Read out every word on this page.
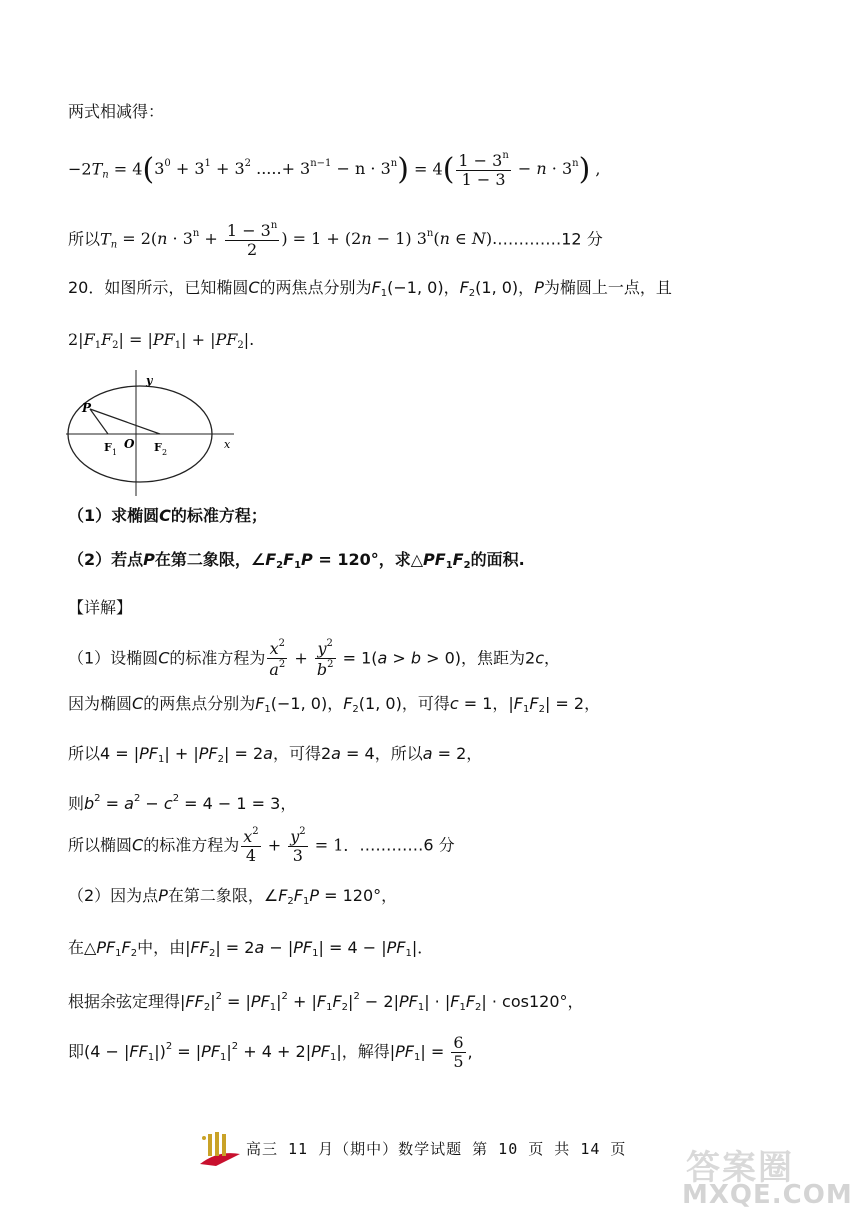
两式相减得：
$-2T_n = 4(3^0 + 3^1 + 3^2$ .....+ $3^{n-1} - n \cdot 3^n) = 4( \frac{1 - 3^n}{1 - 3} - n \cdot 3^n)$ ,
所以$T_n = 2(n \cdot 3^n + \frac{1 - 3^n}{2}$ ) = 1 + (2n − 1) 3$^n$(n ∈ N).…………12 分
20．如图所示，已知椭圆C的两焦点分别为$F_1(-1$, 0)，$F_2(1$, 0)，P为椭圆上一点，且
$2|F_1F_2| = |PF_1| + |PF_2|$.
y
x
P
F 1
O F 2
（1）求椭圆C的标准方程；
（2）若点P在第二象限，$\angle F_2F_1P = 120^\circ$，求$\triangle PF_1F_2$的面积.
【详解】
（1）设椭圆C的标准方程为 $\frac{x^2}{a^2} + \frac{y^2}{b^2} = 1(a > b > 0)$，焦距为2c，
因为椭圆C的两焦点分别为$F_1(-1$, 0)，$F_2(1$, 0)，可得c = 1，$|F_1F_2| = 2$，
所以$4 = |PF_1| + |PF_2| = 2a$，可得2a = 4，所以a = 2，
则$b^2 = a^2 - c^2 = 4 - 1 = 3$，
所以椭圆C的标准方程为 $\frac{x^2}{4} + \frac{y^2}{3} = 1$．…………6 分
（2）因为点P在第二象限，$\angle F_2F_1P = 120^\circ$，
在$\triangle PF_1F_2$中，由$|FF_2| = 2a - |PF_1| = 4 - |PF_1|$．
根据余弦定理得$|FF_2|^2 = |PF_1|^2 + |F_1F_2|^2 - 2|PF_1| \cdot |F_1F_2| \cdot \cos 120^\circ$，
即$(4 - |FF_1|)^2 = |PF_1|^2 + 4 + 2|PF_1|$，解得$|PF_1| = \frac{6}{5}$ ,
高三 11 月（期中）数学试题 第 10 页 共 14 页 答案圈
MXQE.COM
